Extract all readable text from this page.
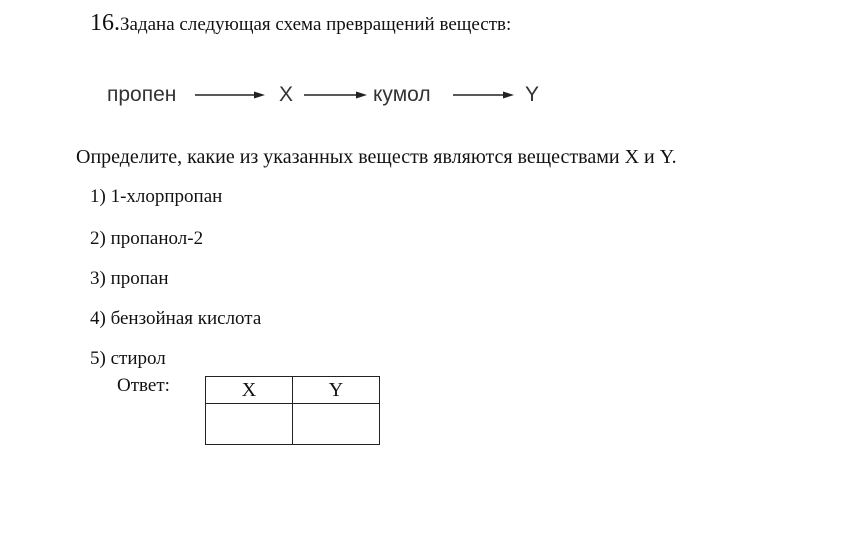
16.Задана следующая схема превращений веществ:
пропен	X	кумол	Y
Определите, какие из указанных веществ являются веществами X и Y.
1) 1-хлорпропан
2) пропанол-2
3) пропан
4) бензойная кислота
5) стирол
Ответ:	X	Y
